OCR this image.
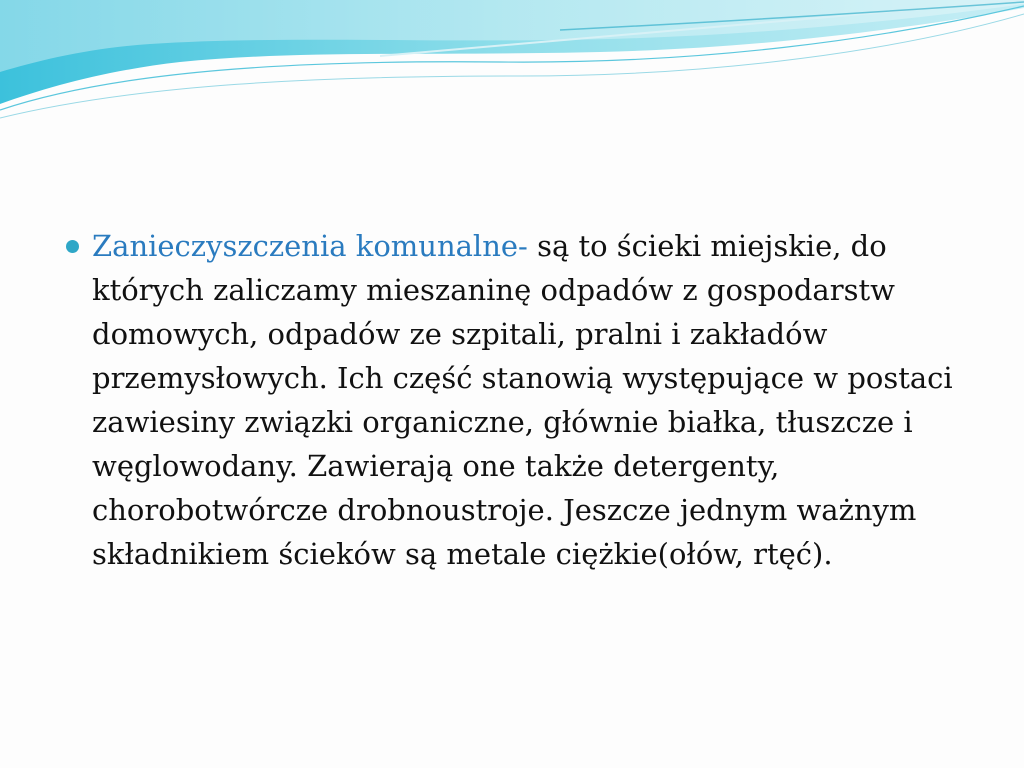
Zanieczyszczenia komunalne- są to ścieki miejskie, do których zaliczamy mieszaninę odpadów z gospodarstw domowych, odpadów ze szpitali, pralni i zakładów przemysłowych. Ich część stanowią występujące w postaci zawiesiny związki organiczne, głównie białka, tłuszcze i węglowodany. Zawierają one także detergenty, chorobotwórcze drobnoustroje. Jeszcze jednym ważnym składnikiem ścieków są metale ciężkie(ołów, rtęć).
